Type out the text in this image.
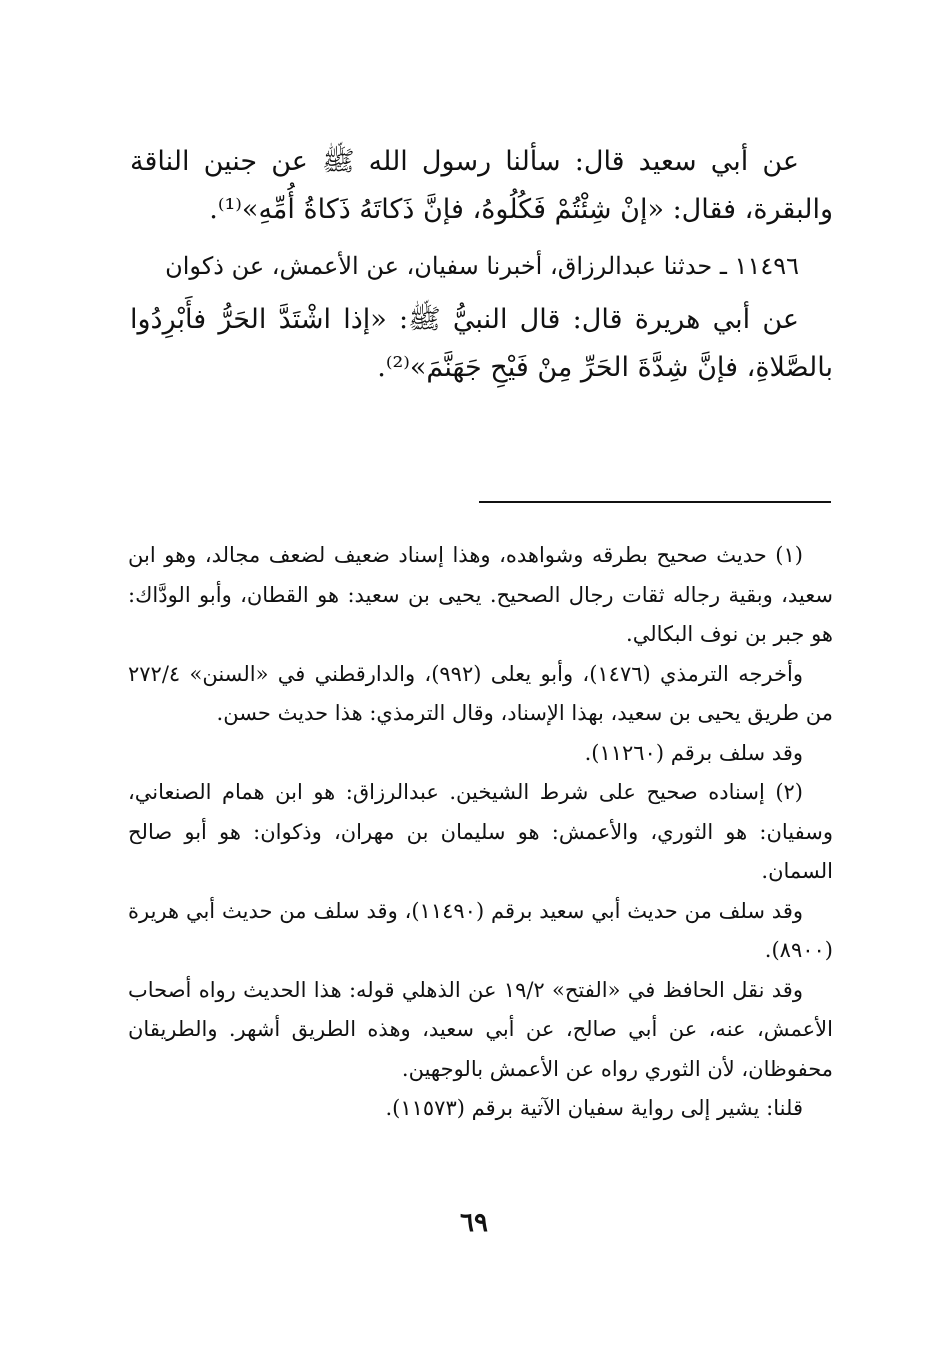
عن أبي سعيد قال: سألنا رسول الله ﷺ عن جنين الناقة والبقرة، فقال: «إنْ شِئْتُمْ فَكُلُوهُ، فإنَّ ذَكاتَهُ ذَكاةُ أُمِّهِ»⁽¹⁾.

١١٤٩٦ ـ حدثنا عبدالرزاق، أخبرنا سفيان، عن الأعمش، عن ذكوان

عن أبي هريرة قال: قال النبيُّ ﷺ: «إذا اشْتَدَّ الحَرُّ فأَبْرِدُوا بالصَّلاةِ، فإنَّ شِدَّةَ الحَرِّ مِنْ فَيْحِ جَهَنَّمَ»⁽²⁾.

(١) حديث صحيح بطرقه وشواهده، وهذا إسناد ضعيف لضعف مجالد، وهو ابن سعيد، وبقية رجاله ثقات رجال الصحيح. يحيى بن سعيد: هو القطان، وأبو الودَّاك: هو جبر بن نوف البكالي.

وأخرجه الترمذي (١٤٧٦)، وأبو يعلى (٩٩٢)، والدارقطني في «السنن» ٢٧٢/٤ من طريق يحيى بن سعيد، بهذا الإسناد، وقال الترمذي: هذا حديث حسن.

وقد سلف برقم (١١٢٦٠).

(٢) إسناده صحيح على شرط الشيخين. عبدالرزاق: هو ابن همام الصنعاني، وسفيان: هو الثوري، والأعمش: هو سليمان بن مهران، وذكوان: هو أبو صالح السمان.

وقد سلف من حديث أبي سعيد برقم (١١٤٩٠)، وقد سلف من حديث أبي هريرة (٨٩٠٠).

وقد نقل الحافظ في «الفتح» ١٩/٢ عن الذهلي قوله: هذا الحديث رواه أصحاب الأعمش، عنه، عن أبي صالح، عن أبي سعيد، وهذه الطريق أشهر. والطريقان محفوظان، لأن الثوري رواه عن الأعمش بالوجهين.

قلنا: يشير إلى رواية سفيان الآتية برقم (١١٥٧٣).

٦٩
